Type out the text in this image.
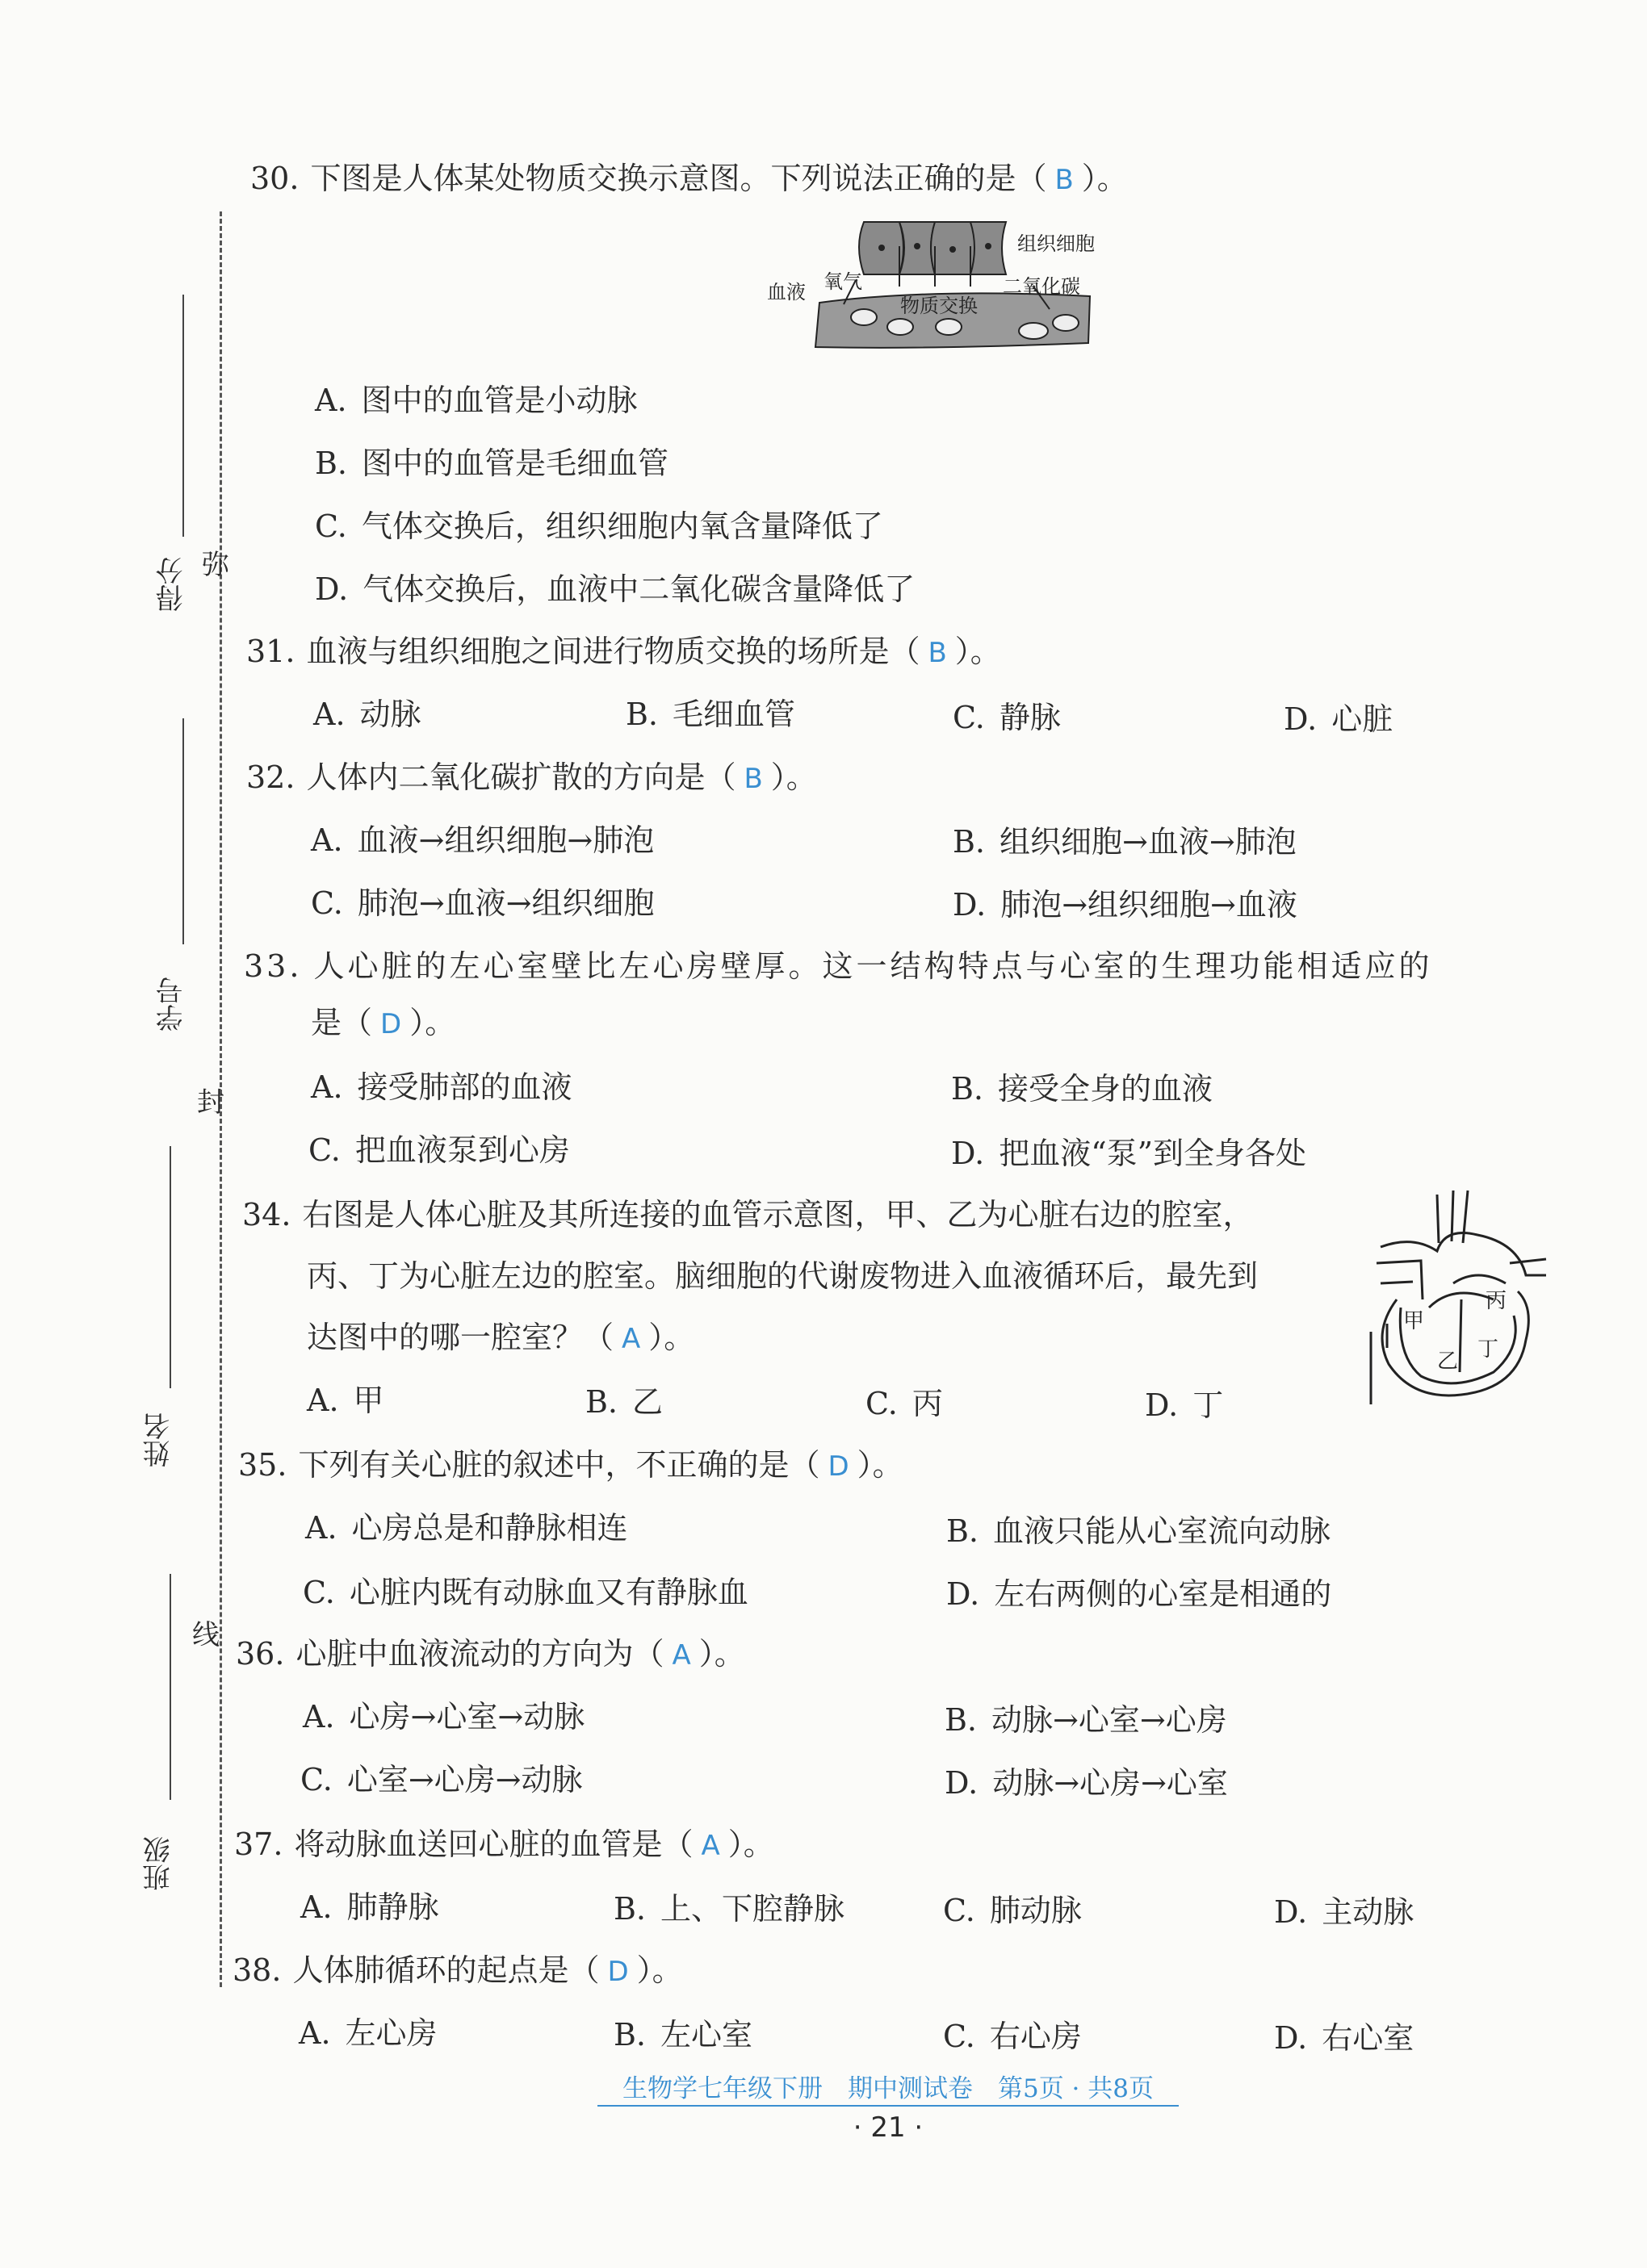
得分
学号
姓名
班级
弥
封
线
30. 下图是人体某处物质交换示意图。下列说法正确的是（ B ）。
组织细胞
血液 氧气	二氧化碳
物质交换
A. 图中的血管是小动脉
B. 图中的血管是毛细血管
C. 气体交换后，组织细胞内氧含量降低了
D. 气体交换后，血液中二氧化碳含量降低了
31. 血液与组织细胞之间进行物质交换的场所是（ B ）。
A. 动脉	B. 毛细血管	C. 静脉	D. 心脏
32. 人体内二氧化碳扩散的方向是（ B ）。
A. 血液→组织细胞→肺泡	B. 组织细胞→血液→肺泡
C. 肺泡→血液→组织细胞	D. 肺泡→组织细胞→血液
33. 人心脏的左心室壁比左心房壁厚。这一结构特点与心室的生理功能相适应的
是（ D ）。
A. 接受肺部的血液	B. 接受全身的血液
C. 把血液泵到心房	D. 把血液“泵”到全身各处
34. 右图是人体心脏及其所连接的血管示意图，甲、乙为心脏右边的腔室，
丙、丁为心脏左边的腔室。脑细胞的代谢废物进入血液循环后，最先到
达图中的哪一腔室？（ A ）。	甲
乙
丙
丁
A. 甲	B. 乙	C. 丙	D. 丁
35. 下列有关心脏的叙述中，不正确的是（ D ）。
A. 心房总是和静脉相连	B. 血液只能从心室流向动脉
C. 心脏内既有动脉血又有静脉血	D. 左右两侧的心室是相通的
36. 心脏中血液流动的方向为（ A ）。
A. 心房→心室→动脉	B. 动脉→心室→心房
C. 心室→心房→动脉	D. 动脉→心房→心室
37. 将动脉血送回心脏的血管是（ A ）。
A. 肺静脉	B. 上、下腔静脉	C. 肺动脉	D. 主动脉
38. 人体肺循环的起点是（ D ）。
A. 左心房	B. 左心室	C. 右心房	D. 右心室
生物学七年级下册　期中测试卷　第5页 · 共8页
· 21 ·
